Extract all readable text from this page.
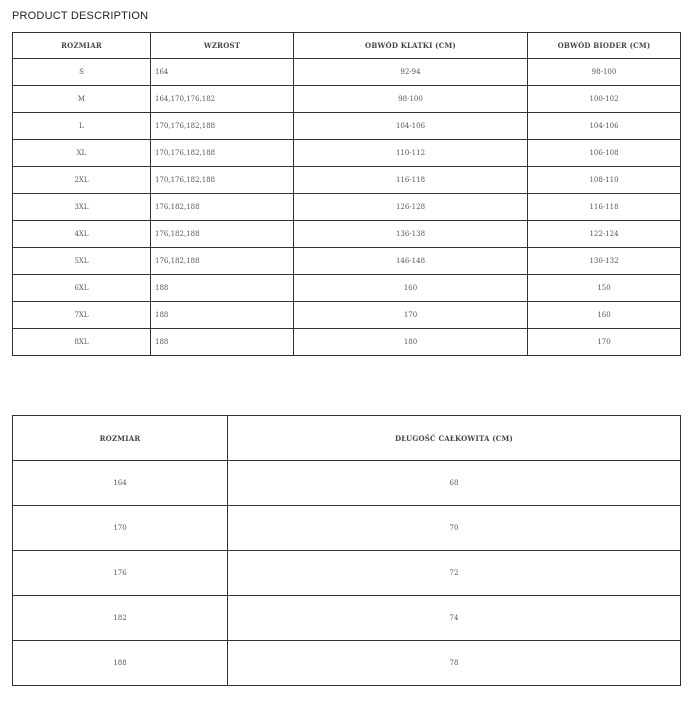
PRODUCT DESCRIPTION
ROZMIAR	WZROST	OBWÓD KLATKI (CM)	OBWÓD BIODER (CM)
S	164	92-94	98-100
M	164,170,176,182	98-100	100-102
L	170,176,182,188	104-106	104-106
XL	170,176,182,188	110-112	106-108
2XL	170,176,182,188	116-118	108-110
3XL	176,182,188	126-128	116-118
4XL	176,182,188	136-138	122-124
5XL	176,182,188	146-148	130-132
6XL	188	160	150
7XL	188	170	160
8XL	188	180	170
ROZMIAR	DŁUGOŚĆ CAŁKOWITA (CM)
164	68
170	70
176	72
182	74
188	78
